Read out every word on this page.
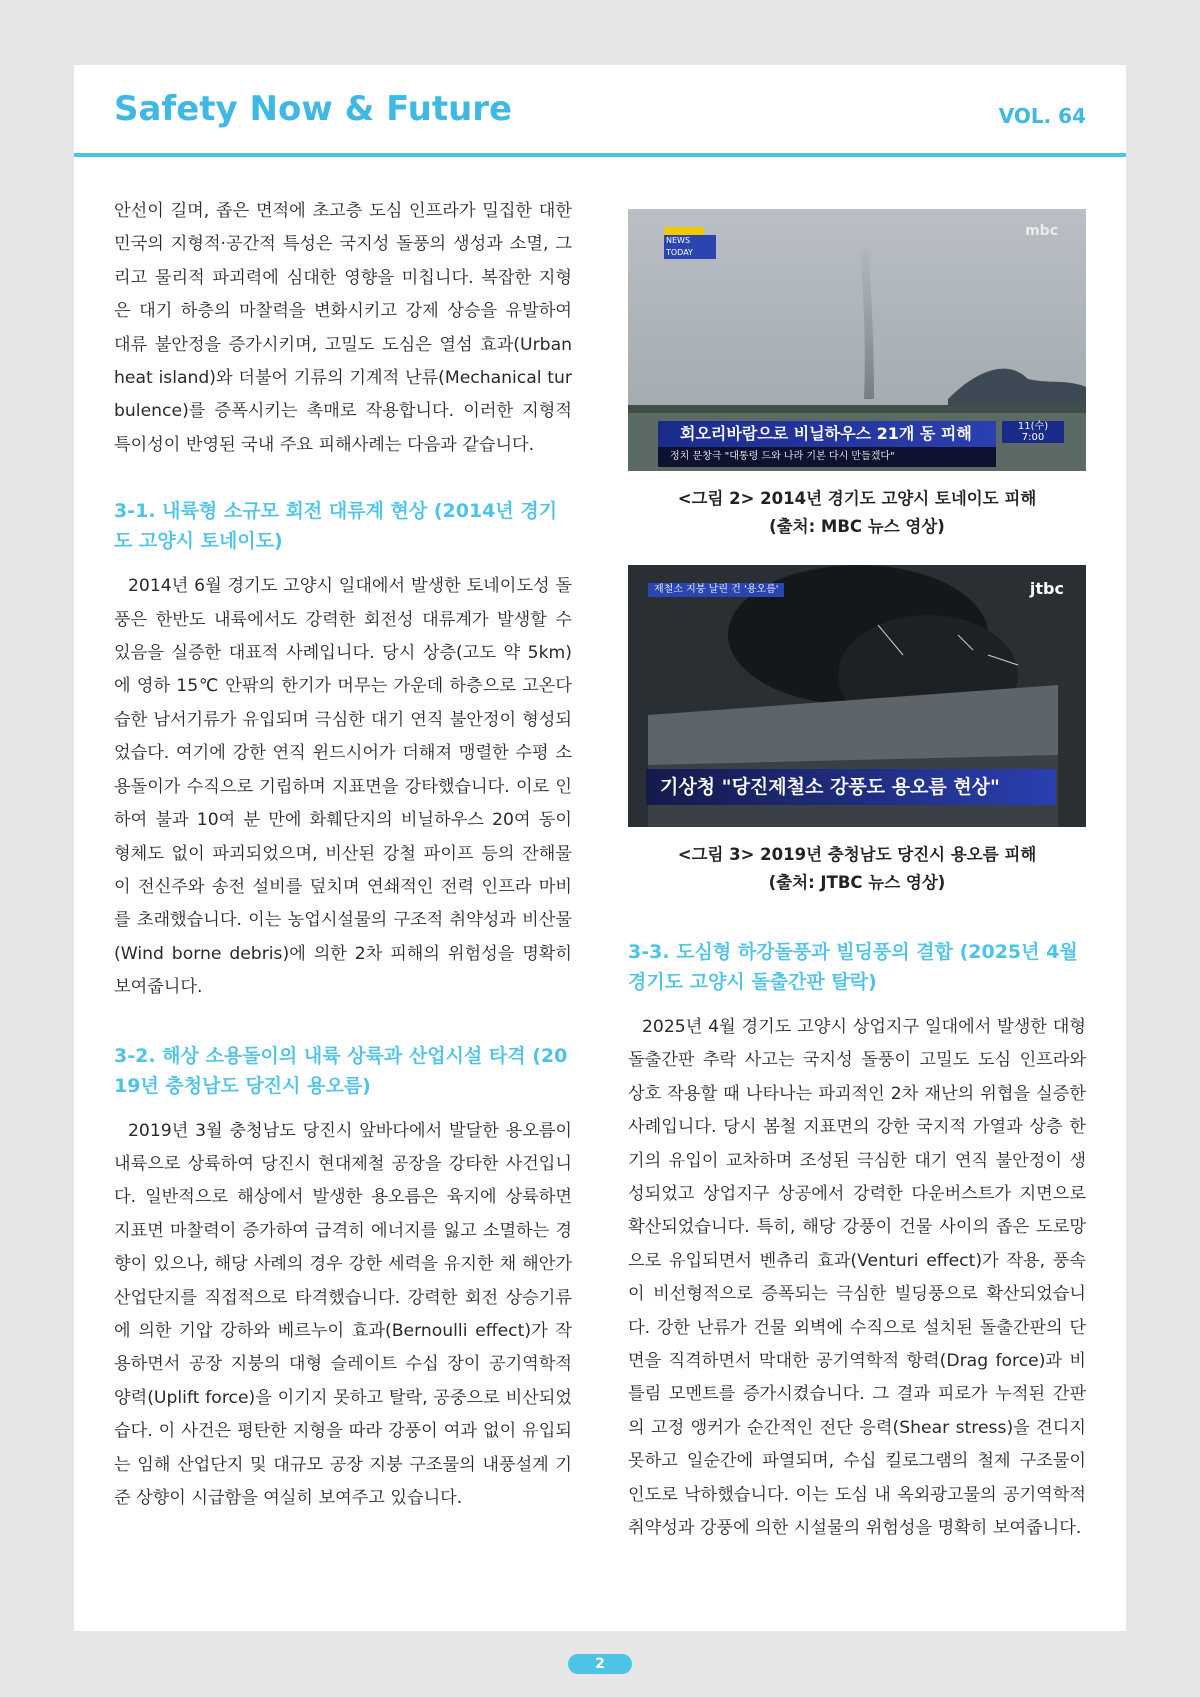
Safety Now & Future	VOL. 64

안선이 길며, 좁은 면적에 초고층 도심 인프라가 밀집한 대한민국의 지형적·공간적 특성은 국지성 돌풍의 생성과 소멸, 그리고 물리적 파괴력에 심대한 영향을 미칩니다. 복잡한 지형은 대기 하층의 마찰력을 변화시키고 강제 상승을 유발하여 대류 불안정을 증가시키며, 고밀도 도심은 열섬 효과(Urban heat island)와 더불어 기류의 기계적 난류(Mechanical turbulence)를 증폭시키는 촉매로 작용합니다. 이러한 지형적 특이성이 반영된 국내 주요 피해사례는 다음과 같습니다.

3-1. 내륙형 소규모 회전 대류계 현상 (2014년 경기도 고양시 토네이도)

2014년 6월 경기도 고양시 일대에서 발생한 토네이도성 돌풍은 한반도 내륙에서도 강력한 회전성 대류계가 발생할 수 있음을 실증한 대표적 사례입니다. 당시 상층(고도 약 5km)에 영하 15℃ 안팎의 한기가 머무는 가운데 하층으로 고온다습한 남서기류가 유입되며 극심한 대기 연직 불안정이 형성되었습다. 여기에 강한 연직 윈드시어가 더해져 맹렬한 수평 소용돌이가 수직으로 기립하며 지표면을 강타했습니다. 이로 인하여 불과 10여 분 만에 화훼단지의 비닐하우스 20여 동이 형체도 없이 파괴되었으며, 비산된 강철 파이프 등의 잔해물이 전신주와 송전 설비를 덮치며 연쇄적인 전력 인프라 마비를 초래했습니다. 이는 농업시설물의 구조적 취약성과 비산물(Wind borne debris)에 의한 2차 피해의 위험성을 명확히 보여줍니다.

3-2. 해상 소용돌이의 내륙 상륙과 산업시설 타격 (2019년 충청남도 당진시 용오름)

2019년 3월 충청남도 당진시 앞바다에서 발달한 용오름이 내륙으로 상륙하여 당진시 현대제철 공장을 강타한 사건입니다. 일반적으로 해상에서 발생한 용오름은 육지에 상륙하면 지표면 마찰력이 증가하여 급격히 에너지를 잃고 소멸하는 경향이 있으나, 해당 사례의 경우 강한 세력을 유지한 채 해안가 산업단지를 직접적으로 타격했습니다. 강력한 회전 상승기류에 의한 기압 강하와 베르누이 효과(Bernoulli effect)가 작용하면서 공장 지붕의 대형 슬레이트 수십 장이 공기역학적 양력(Uplift force)을 이기지 못하고 탈락, 공중으로 비산되었습다. 이 사건은 평탄한 지형을 따라 강풍이 여과 없이 유입되는 임해 산업단지 및 대규모 공장 지붕 구조물의 내풍설계 기준 상향이 시급함을 여실히 보여주고 있습니다.

NEWS TODAY
mbc
회오리바람으로 비닐하우스 21개 동 피해
정치 문창극 "대통령 드와 나라 기본 다시 만들겠다"
11(수)
7:00
<그림 2> 2014년 경기도 고양시 토네이도 피해
(출처: MBC 뉴스 영상)
제철소 지붕 날린 건 '용오름'	jtbc
기상청 "당진제철소 강풍도 용오름 현상"
<그림 3> 2019년 충청남도 당진시 용오름 피해
(출처: JTBC 뉴스 영상)
3-3. 도심형 하강돌풍과 빌딩풍의 결합 (2025년 4월 경기도 고양시 돌출간판 탈락)

2025년 4월 경기도 고양시 상업지구 일대에서 발생한 대형 돌출간판 추락 사고는 국지성 돌풍이 고밀도 도심 인프라와 상호 작용할 때 나타나는 파괴적인 2차 재난의 위협을 실증한 사례입니다. 당시 봄철 지표면의 강한 국지적 가열과 상층 한기의 유입이 교차하며 조성된 극심한 대기 연직 불안정이 생성되었고 상업지구 상공에서 강력한 다운버스트가 지면으로 확산되었습니다. 특히, 해당 강풍이 건물 사이의 좁은 도로망으로 유입되면서 벤츄리 효과(Venturi effect)가 작용, 풍속이 비선형적으로 증폭되는 극심한 빌딩풍으로 확산되었습니다. 강한 난류가 건물 외벽에 수직으로 설치된 돌출간판의 단면을 직격하면서 막대한 공기역학적 항력(Drag force)과 비틀림 모멘트를 증가시켰습니다. 그 결과 피로가 누적된 간판의 고정 앵커가 순간적인 전단 응력(Shear stress)을 견디지 못하고 일순간에 파열되며, 수십 킬로그램의 철제 구조물이 인도로 낙하했습니다. 이는 도심 내 옥외광고물의 공기역학적 취약성과 강풍에 의한 시설물의 위험성을 명확히 보여줍니다.

2
